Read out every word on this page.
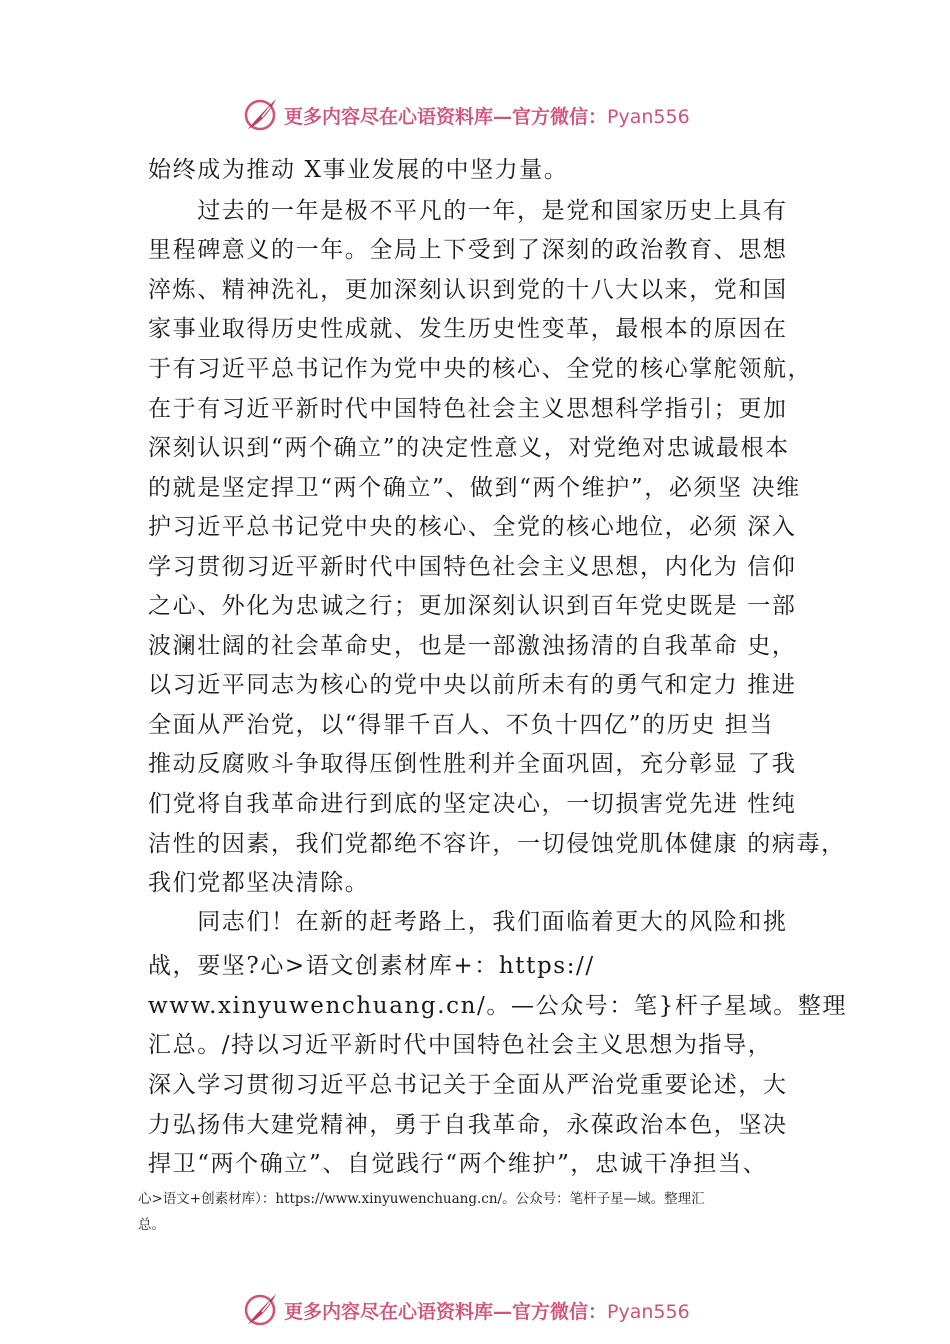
更多内容尽在心语资料库—官方微信：Pyan556
始终成为推动 X事业发展的中坚力量。
　　过去的一年是极不平凡的一年，是党和国家历史上具有
里程碑意义的一年。全局上下受到了深刻的政治教育、思想
淬炼、精神洗礼，更加深刻认识到党的十八大以来，党和国
家事业取得历史性成就、发生历史性变革，最根本的原因在
于有习近平总书记作为党中央的核心、全党的核心掌舵领航，
在于有习近平新时代中国特色社会主义思想科学指引；更加
深刻认识到“两个确立”的决定性意义，对党绝对忠诚最根本
的就是坚定捍卫“两个确立”、做到“两个维护”，必须坚 决维
护习近平总书记党中央的核心、全党的核心地位，必须 深入
学习贯彻习近平新时代中国特色社会主义思想，内化为 信仰
之心、外化为忠诚之行；更加深刻认识到百年党史既是 一部
波澜壮阔的社会革命史，也是一部激浊扬清的自我革命 史，
以习近平同志为核心的党中央以前所未有的勇气和定力 推进
全面从严治党，以“得罪千百人、不负十四亿”的历史 担当
推动反腐败斗争取得压倒性胜利并全面巩固，充分彰显 了我
们党将自我革命进行到底的坚定决心，一切损害党先进 性纯
洁性的因素，我们党都绝不容许，一切侵蚀党肌体健康 的病毒，
我们党都坚决清除。
　　同志们！在新的赶考路上，我们面临着更大的风险和挑
战，要坚?心>语文创素材库+：https://
www.xinyuwenchuang.cn/。—公众号：笔}杆子星域。整理
汇总。/持以习近平新时代中国特色社会主义思想为指导，
深入学习贯彻习近平总书记关于全面从严治党重要论述，大
力弘扬伟大建党精神，勇于自我革命，永葆政治本色，坚决
捍卫“两个确立”、自觉践行“两个维护”，忠诚干净担当、
心>语文+创素材库）：https://www.xinyuwenchuang.cn/。公众号：笔杆子星—域。整理汇
总。
更多内容尽在心语资料库—官方微信：Pyan556
